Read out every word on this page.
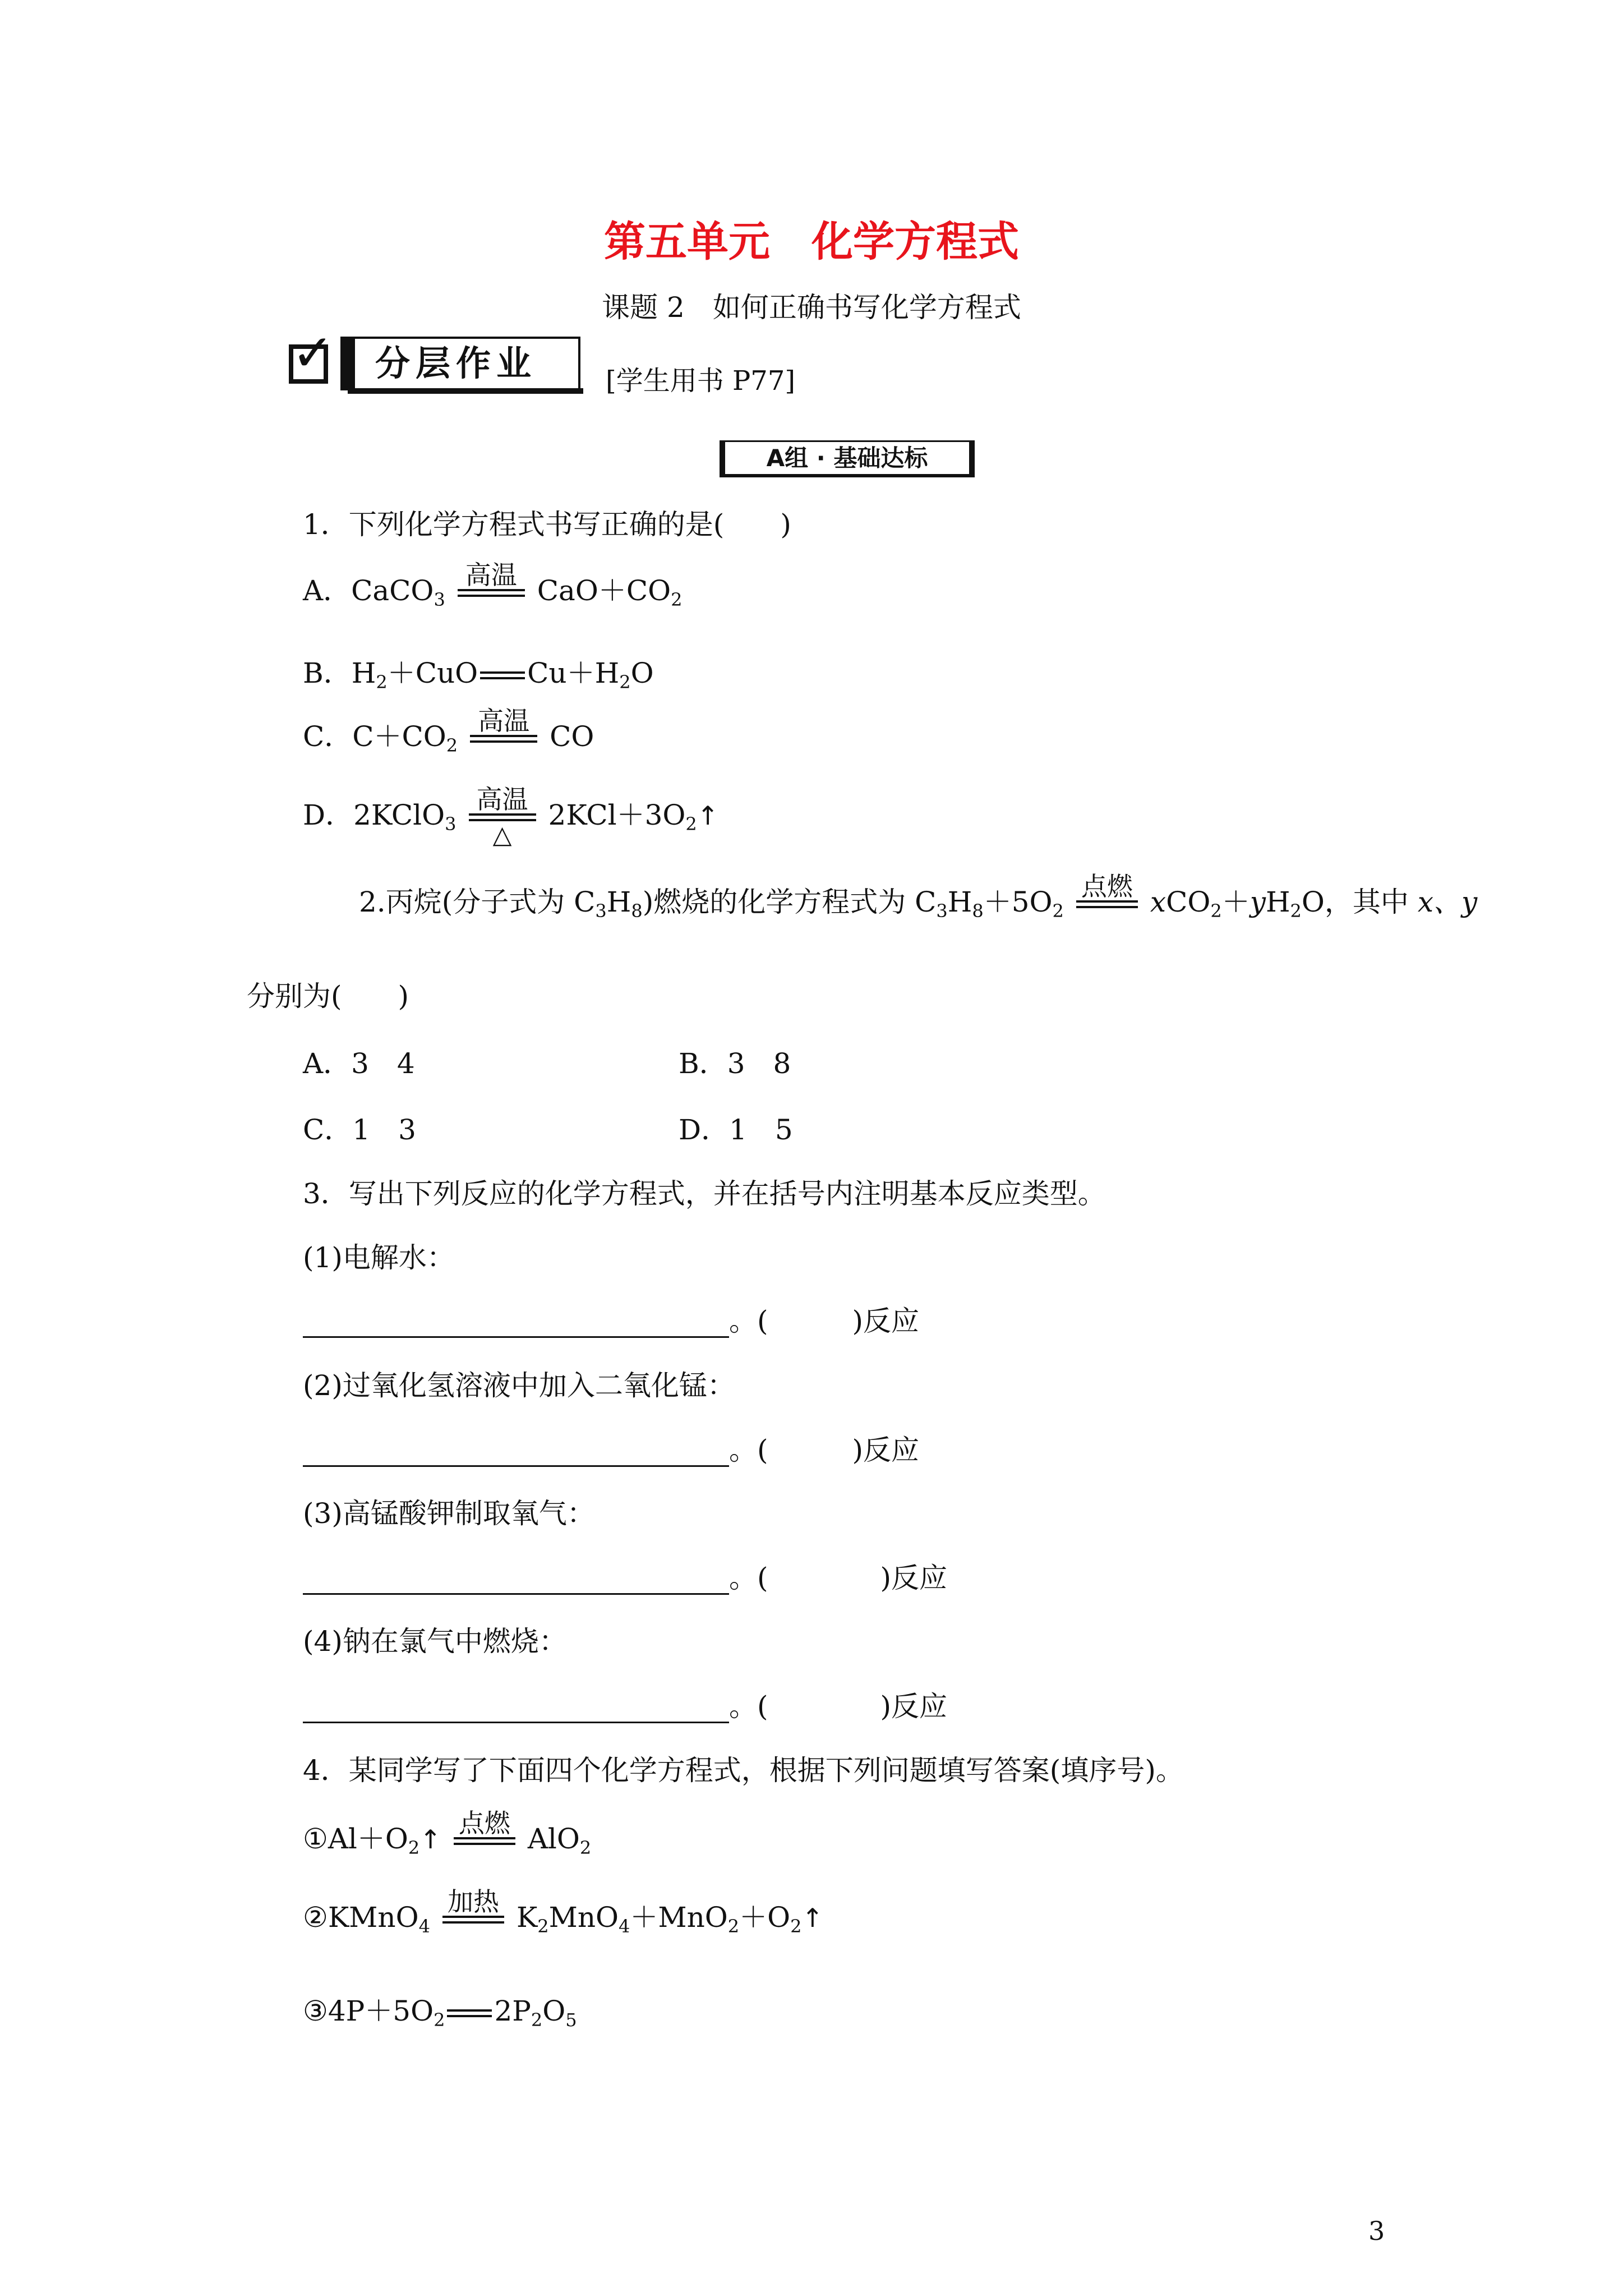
第五单元　化学方程式
课题 2　如何正确书写化学方程式
✓ 分层作业	[学生用书 P77]
A组 · 基础达标
1．下列化学方程式书写正确的是(　　)
A．CaCO$_3$
高温
$CaO+CO_2$
B．$H_2+CuO$ $Cu+H_2O$
C．$C+CO_2$
高温
CO
D．2KClO$_3$
高温
△
$2KCl+3O_2↑$
2.丙烷(分子式为 $C_3H_8$)燃烧的化学方程式为 $C_3H_8+5O_2$
点燃
$xCO_2+yH_2O$，其中 x、y
分别为(　　)
A．3　4	B．3　8
C．1　3	D．1　5
3．写出下列反应的化学方程式，并在括号内注明基本反应类型。
(1)电解水：
。(　　　)反应
(2)过氧化氢溶液中加入二氧化锰：
。(　　　)反应
(3)高锰酸钾制取氧气：
。(　　　　)反应
(4)钠在氯气中燃烧：
。(　　　　)反应
4．某同学写了下面四个化学方程式，根据下列问题填写答案(填序号)。
$①Al+O_2↑$
点燃
AlO$_2$
②KMnO$_4$
加热
$K_2MnO_4+MnO_2+O_2↑$
$③4P+5O_2$ $2P_2O_5$
3
